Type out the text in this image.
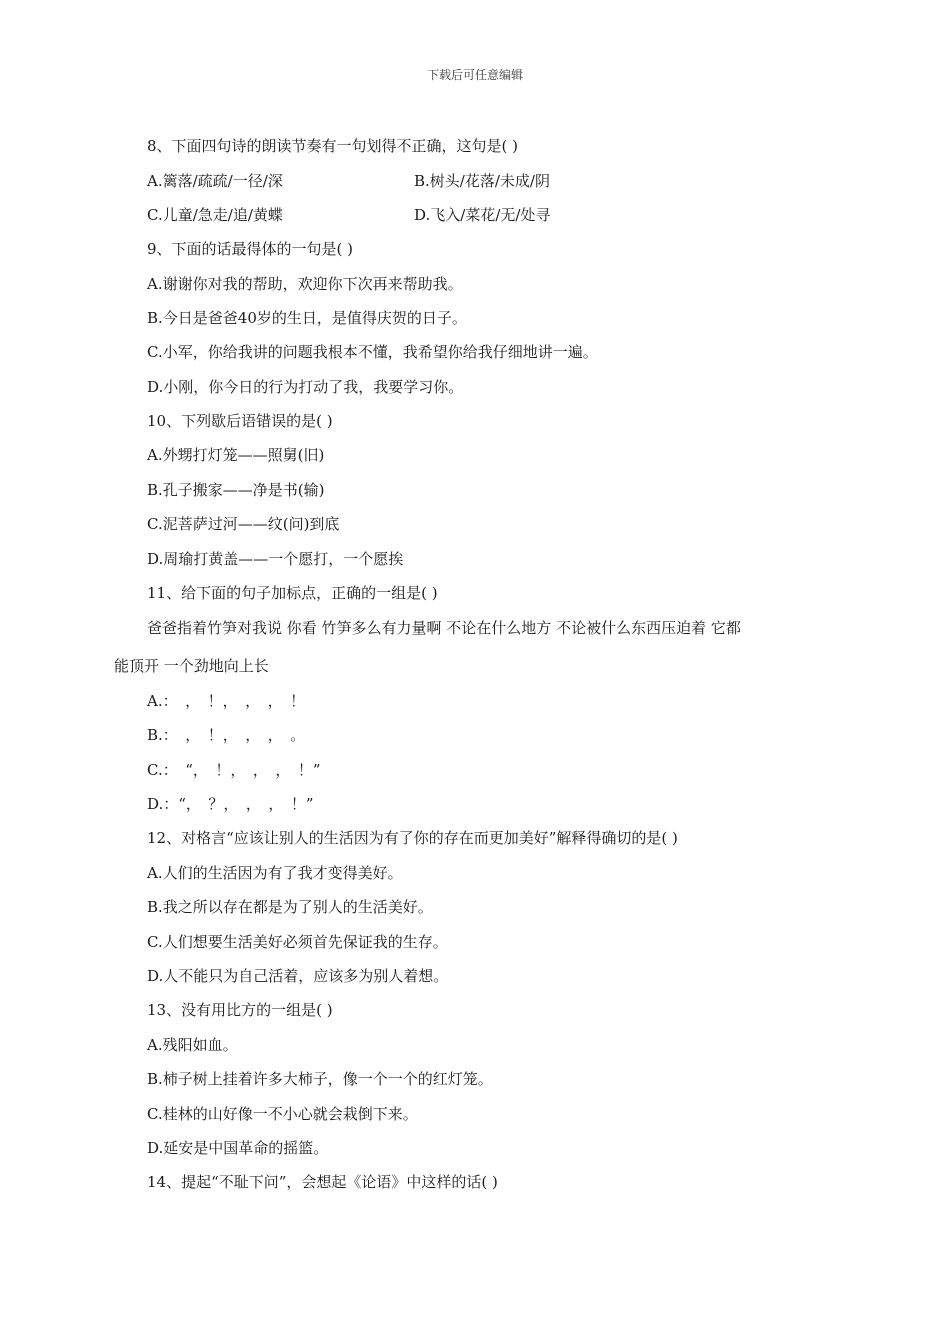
下载后可任意编辑
8、下面四句诗的朗读节奏有一句划得不正确，这句是( )
A.篱落/疏疏/一径/深	B.树头/花落/未成/阴
C.儿童/急走/追/黄蝶	D.飞入/菜花/无/处寻
9、下面的话最得体的一句是( )
A.谢谢你对我的帮助，欢迎你下次再来帮助我。
B.今日是爸爸40岁的生日，是值得庆贺的日子。
C.小军，你给我讲的问题我根本不懂，我希望你给我仔细地讲一遍。
D.小刚，你今日的行为打动了我，我要学习你。
10、下列歇后语错误的是( )
A.外甥打灯笼——照舅(旧)
B.孔子搬家——净是书(输)
C.泥菩萨过河——纹(问)到底
D.周瑜打黄盖——一个愿打，一个愿挨
11、给下面的句子加标点，正确的一组是( )
爸爸指着竹笋对我说 你看 竹笋多么有力量啊 不论在什么地方 不论被什么东西压迫着 它都
能顶开 一个劲地向上长
A.：　，　！，　，　，　！
B.：　，　！，　，　，　。
C.：　“，　！，　，　，　！”
D.：“，　？，　，　，　！”
12、对格言“应该让别人的生活因为有了你的存在而更加美好”解释得确切的是( )
A.人们的生活因为有了我才变得美好。
B.我之所以存在都是为了别人的生活美好。
C.人们想要生活美好必须首先保证我的生存。
D.人不能只为自己活着，应该多为别人着想。
13、没有用比方的一组是( )
A.残阳如血。
B.柿子树上挂着许多大柿子，像一个一个的红灯笼。
C.桂林的山好像一不小心就会栽倒下来。
D.延安是中国革命的摇篮。
14、提起“不耻下问”，会想起《论语》中这样的话( )
